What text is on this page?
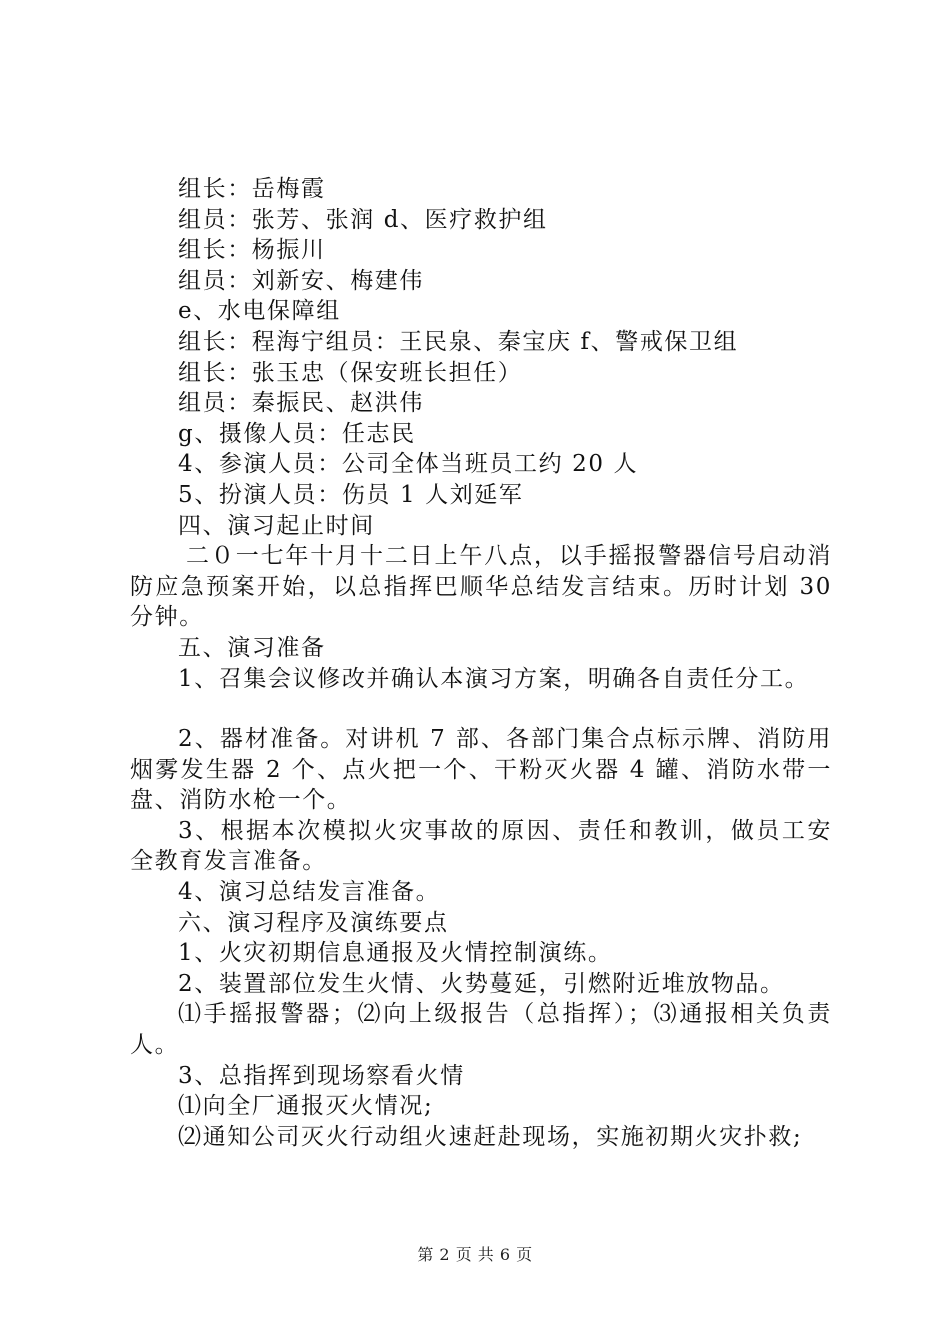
组长：岳梅霞
组员：张芳、张润 d、医疗救护组
组长：杨振川
组员：刘新安、梅建伟
e、水电保障组
组长：程海宁组员：王民泉、秦宝庆 f、警戒保卫组
组长：张玉忠（保安班长担任）
组员：秦振民、赵洪伟
g、摄像人员：任志民
4、参演人员：公司全体当班员工约 20 人
5、扮演人员：伤员 1 人刘延军
四、演习起止时间
二０一七年十月十二日上午八点，以手摇报警器信号启动消防应急预案开始，以总指挥巴顺华总结发言结束。历时计划 30 分钟。
五、演习准备
1、召集会议修改并确认本演习方案，明确各自责任分工。
2、器材准备。对讲机 7 部、各部门集合点标示牌、消防用烟雾发生器 2 个、点火把一个、干粉灭火器 4 罐、消防水带一盘、消防水枪一个。
3、根据本次模拟火灾事故的原因、责任和教训，做员工安全教育发言准备。
4、演习总结发言准备。
六、演习程序及演练要点
1、火灾初期信息通报及火情控制演练。
2、装置部位发生火情、火势蔓延，引燃附近堆放物品。
⑴手摇报警器；⑵向上级报告（总指挥）；⑶通报相关负责人。
3、总指挥到现场察看火情
⑴向全厂通报灭火情况;
⑵通知公司灭火行动组火速赶赴现场，实施初期火灾扑救;
第 2 页 共 6 页
